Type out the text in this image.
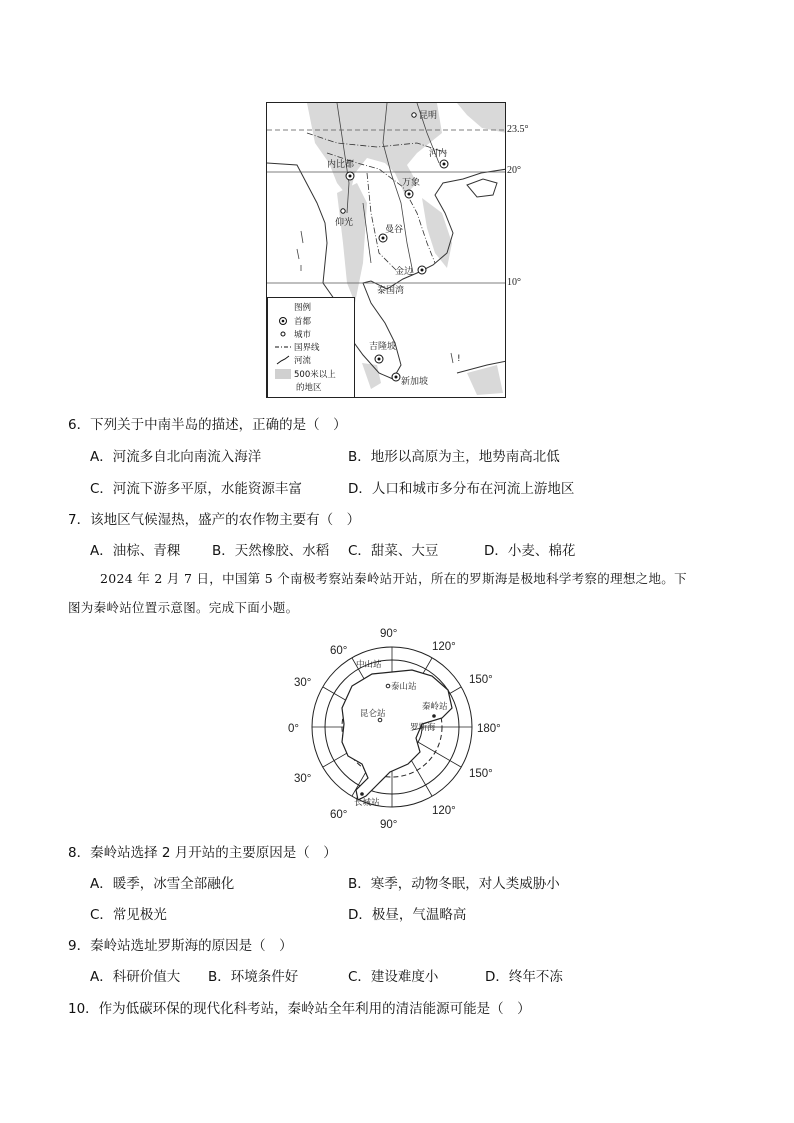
昆明
河内
内比都
万象
仰光
曼谷
金边
泰国湾
吉隆坡
新加坡
!
图例
首都
城市
国界线
河流
500米以上
的地区
23.5°
20°
10°
6．下列关于中南半岛的描述，正确的是（　）
A．河流多自北向南流入海洋	B．地形以高原为主，地势南高北低
C．河流下游多平原，水能资源丰富	D．人口和城市多分布在河流上游地区
7．该地区气候湿热，盛产的农作物主要有（　）
A．油棕、青稞 B．天然橡胶、水稻 C．甜菜、大豆	D．小麦、棉花
2024 年 2 月 7 日，中国第 5 个南极考察站秦岭站开站，所在的罗斯海是极地科学考察的理想之地。下
图为秦岭站位置示意图。完成下面小题。
90°
60°	120°
30°	150°
0°	180°
30°	150°
60°	120°
90°
中山站
泰山站
昆仑站
秦岭站
罗斯海
长城站
8．秦岭站选择 2 月开站的主要原因是（　）
A．暖季，冰雪全部融化	B．寒季，动物冬眠，对人类威胁小
C．常见极光	D．极昼，气温略高
9．秦岭站选址罗斯海的原因是（　）
A．科研价值大 B．环境条件好	C．建设难度小	D．终年不冻
10．作为低碳环保的现代化科考站，秦岭站全年利用的清洁能源可能是（　）
